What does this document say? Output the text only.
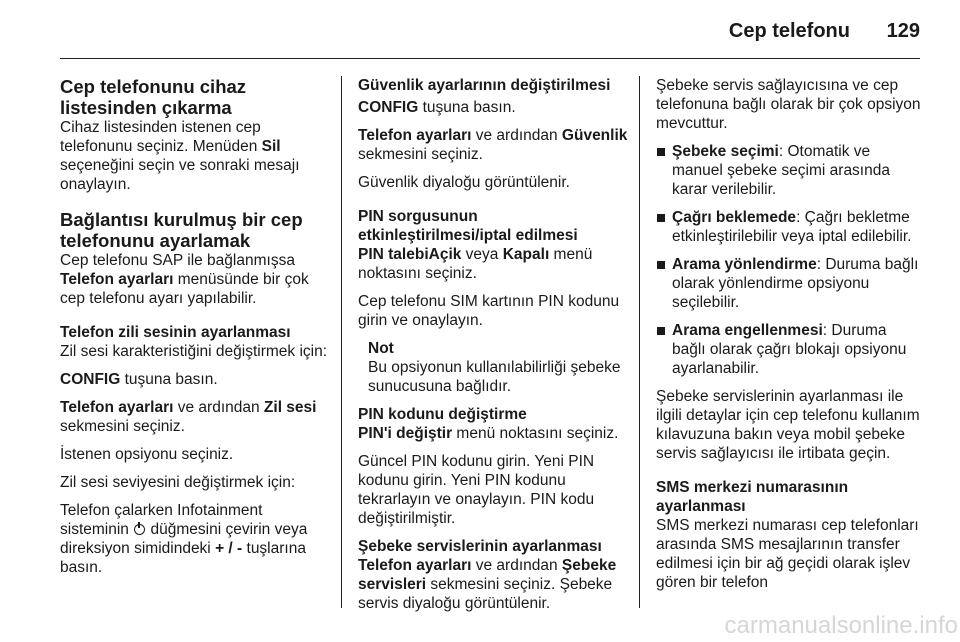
Cep telefonu	129
Cep telefonunu cihaz listesinden çıkarma

Cihaz listesinden istenen cep telefonunu seçiniz. Menüden Sil seçeneğini seçin ve sonraki mesajı onaylayın.

Bağlantısı kurulmuş bir cep telefonunu ayarlamak

Cep telefonu SAP ile bağlanmışsa Telefon ayarları menüsünde bir çok cep telefonu ayarı yapılabilir.

Telefon zili sesinin ayarlanması

Zil sesi karakteristiğini değiştirmek için:

CONFIG tuşuna basın.

Telefon ayarları ve ardından Zil sesi sekmesini seçiniz.

İstenen opsiyonu seçiniz.

Zil sesi seviyesini değiştirmek için:

Telefon çalarken Infotainment sisteminin  düğmesini çevirin veya direksiyon simidindeki + / - tuşlarına basın.

Güvenlik ayarlarının değiştirilmesi

CONFIG tuşuna basın.

Telefon ayarları ve ardından Güvenlik sekmesini seçiniz.

Güvenlik diyaloğu görüntülenir.

PIN sorgusunun etkinleştirilmesi/iptal edilmesi

PIN talebiAçik veya Kapalı menü noktasını seçiniz.

Cep telefonu SIM kartının PIN kodunu girin ve onaylayın.

Not
Bu opsiyonun kullanılabilirliği şebeke sunucusuna bağlıdır.
PIN kodunu değiştirme

PIN'i değiştir menü noktasını seçiniz.

Güncel PIN kodunu girin. Yeni PIN kodunu girin. Yeni PIN kodunu tekrarlayın ve onaylayın. PIN kodu değiştirilmiştir.

Şebeke servislerinin ayarlanması

Telefon ayarları ve ardından Şebeke servisleri sekmesini seçiniz. Şebeke servis diyaloğu görüntülenir.

Şebeke servis sağlayıcısına ve cep telefonuna bağlı olarak bir çok opsiyon mevcuttur.

Şebeke seçimi: Otomatik ve manuel şebeke seçimi arasında karar verilebilir.
Çağrı beklemede: Çağrı bekletme etkinleştirilebilir veya iptal edilebilir.
Arama yönlendirme: Duruma bağlı olarak yönlendirme opsiyonu seçilebilir.
Arama engellenmesi: Duruma bağlı olarak çağrı blokajı opsiyonu ayarlanabilir.

Şebeke servislerinin ayarlanması ile ilgili detaylar için cep telefonu kullanım kılavuzuna bakın veya mobil şebeke servis sağlayıcısı ile irtibata geçin.

SMS merkezi numarasının ayarlanması

SMS merkezi numarası cep telefonları arasında SMS mesajlarının transfer edilmesi için bir ağ geçidi olarak işlev gören bir telefon

carmanualsonline.info
